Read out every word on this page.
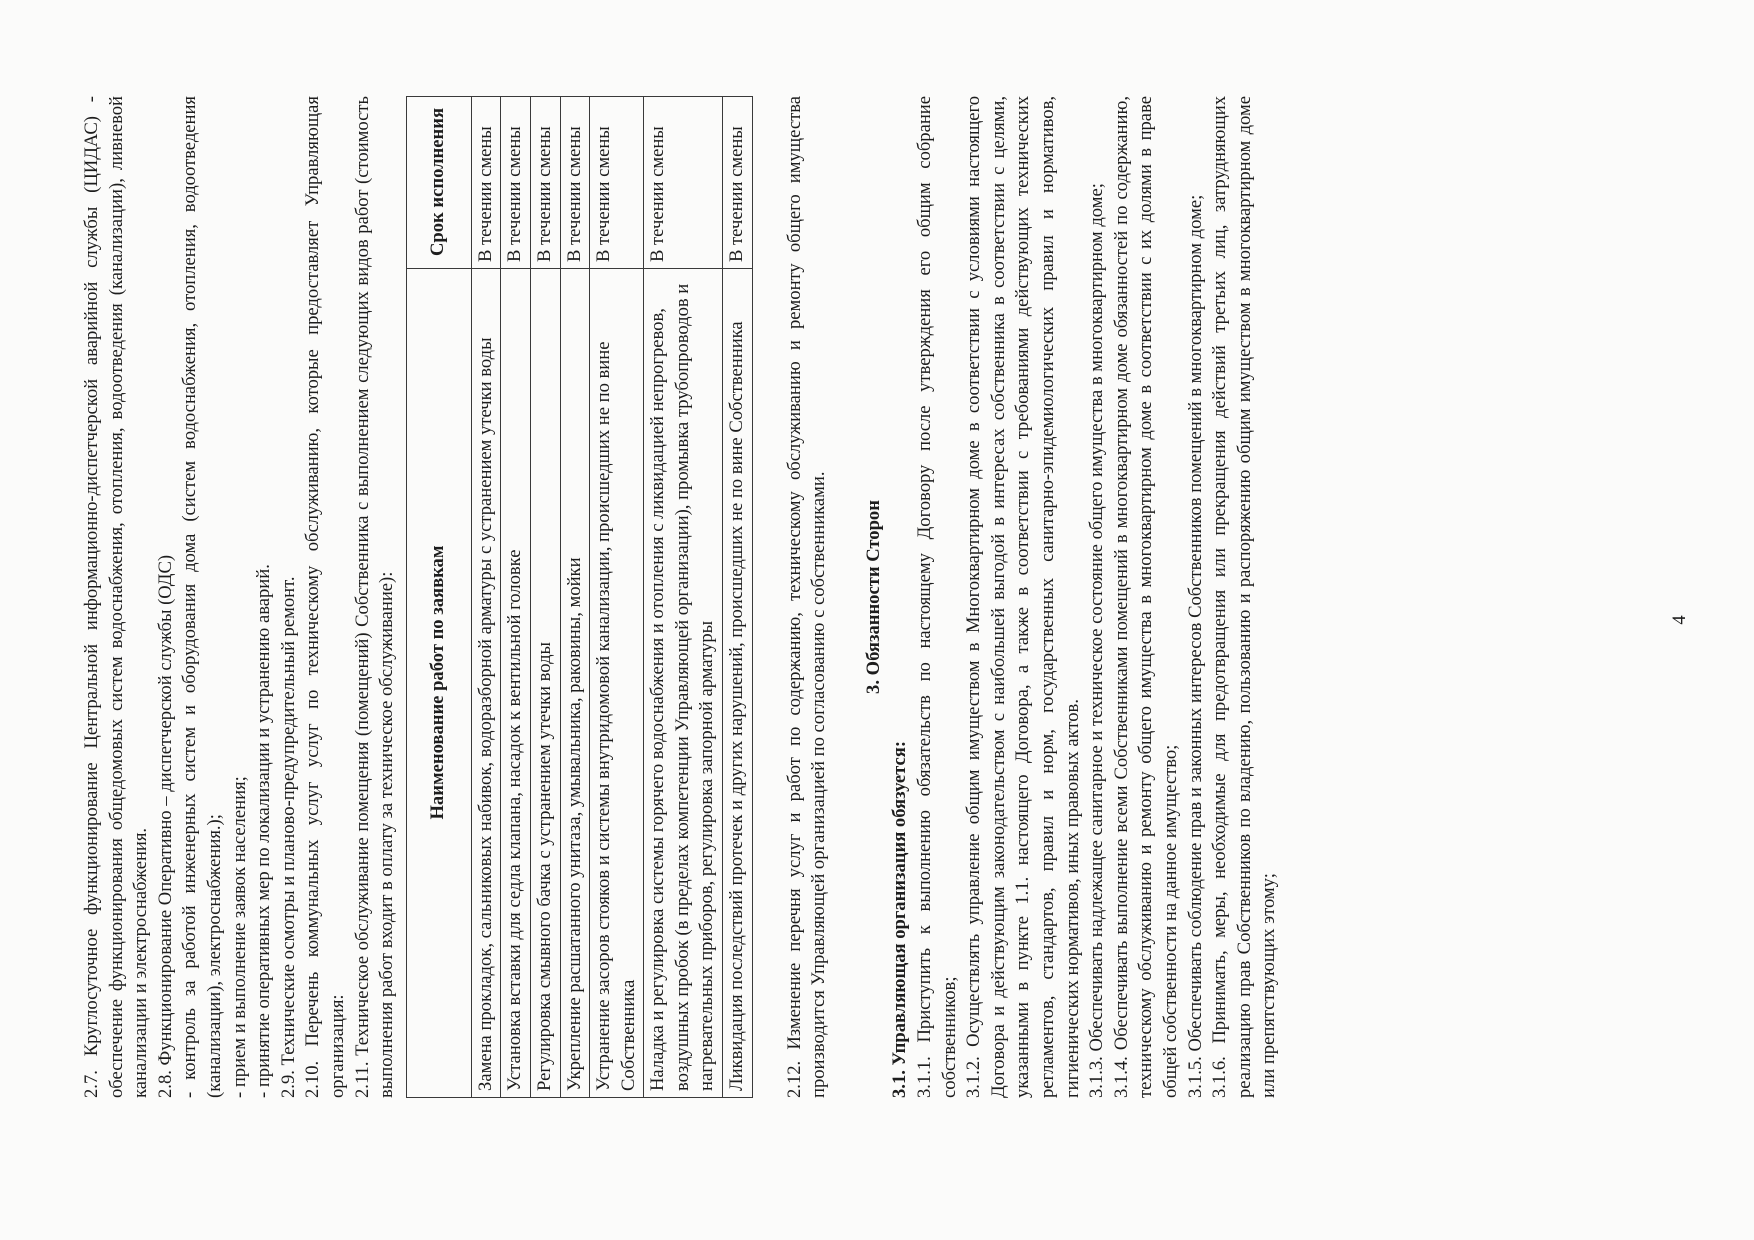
2.7. Круглосуточное функционирование Центральной информационно-диспетчерской аварийной службы (ЦИДАС) - обеспечение функционирования общедомовых систем водоснабжения, отопления, водоотведения (канализации), ливневой канализации и электроснабжения. 2.8. Функционирование Оперативно – диспетчерской службы (ОДС) - контроль за работой инженерных систем и оборудования дома (систем водоснабжения, отопления, водоотведения (канализации), электроснабжения.); - прием и выполнение заявок населения; - принятие оперативных мер по локализации и устранению аварий. 2.9. Технические осмотры и планово-предупредительный ремонт. 2.10. Перечень коммунальных услуг услуг по техническому обслуживанию, которые предоставляет Управляющая организация: 2.11. Техническое обслуживание помещения (помещений) Собственника с выполнением следующих видов работ (стоимость выполнения работ входит в оплату за техническое обслуживание): Наименование работ по заявкам	Срок исполнения
Замена прокладок, сальниковых набивок, водоразборной арматуры с устранением утечки воды	В течении смены
Установка вставки для седла клапана, насадок к вентильной головке	В течении смены
Регулировка смывного бачка с устранением утечки воды	В течении смены
Укрепление расшатанного унитаза, умывальника, раковины, мойки	В течении смены
Устранение засоров стояков и системы внутридомовой канализации, происшедших не по вине Собственника	В течении смены
Наладка и регулировка системы горячего водоснабжения и отопления с ликвидацией непрогревов, воздушных пробок (в пределах компетенции Управляющей организации), промывка трубопроводов и нагревательных приборов, регулировка запорной арматуры	В течении смены
Ликвидация последствий протечек и других нарушений, происшедших не по вине Собственника	В течении смены 2.12. Изменение перечня услуг и работ по содержанию, техническому обслуживанию и ремонту общего имущества производится Управляющей организацией по согласованию с собственниками. 3. Обязанности Сторон

3.1. Управляющая организация обязуется: 3.1.1. Приступить к выполнению обязательств по настоящему Договору после утверждения его общим собрание собственников; 3.1.2. Осуществлять управление общим имуществом в Многоквартирном доме в соответствии с условиями настоящего Договора и действующим законодательством с наибольшей выгодой в интересах собственника в соответствии с целями, указанными в пункте 1.1. настоящего Договора, а также в соответствии с требованиями действующих технических регламентов, стандартов, правил и норм, государственных санитарно-эпидемиологических правил и нормативов, гигиенических нормативов, иных правовых актов. 3.1.3. Обеспечивать надлежащее санитарное и техническое состояние общего имущества в многоквартирном доме; 3.1.4. Обеспечивать выполнение всеми Собственниками помещений в многоквартирном доме обязанностей по содержанию, техническому обслуживанию и ремонту общего имущества в многоквартирном доме в соответствии с их долями в праве общей собственности на данное имущество; 3.1.5. Обеспечивать соблюдение прав и законных интересов Собственников помещений в многоквартирном доме; 3.1.6. Принимать, меры, необходимые для предотвращения или прекращения действий третьих лиц, затрудняющих реализацию прав Собственников по владению, пользованию и распоряжению общим имуществом в многоквартирном доме или препятствующих этому;

4
